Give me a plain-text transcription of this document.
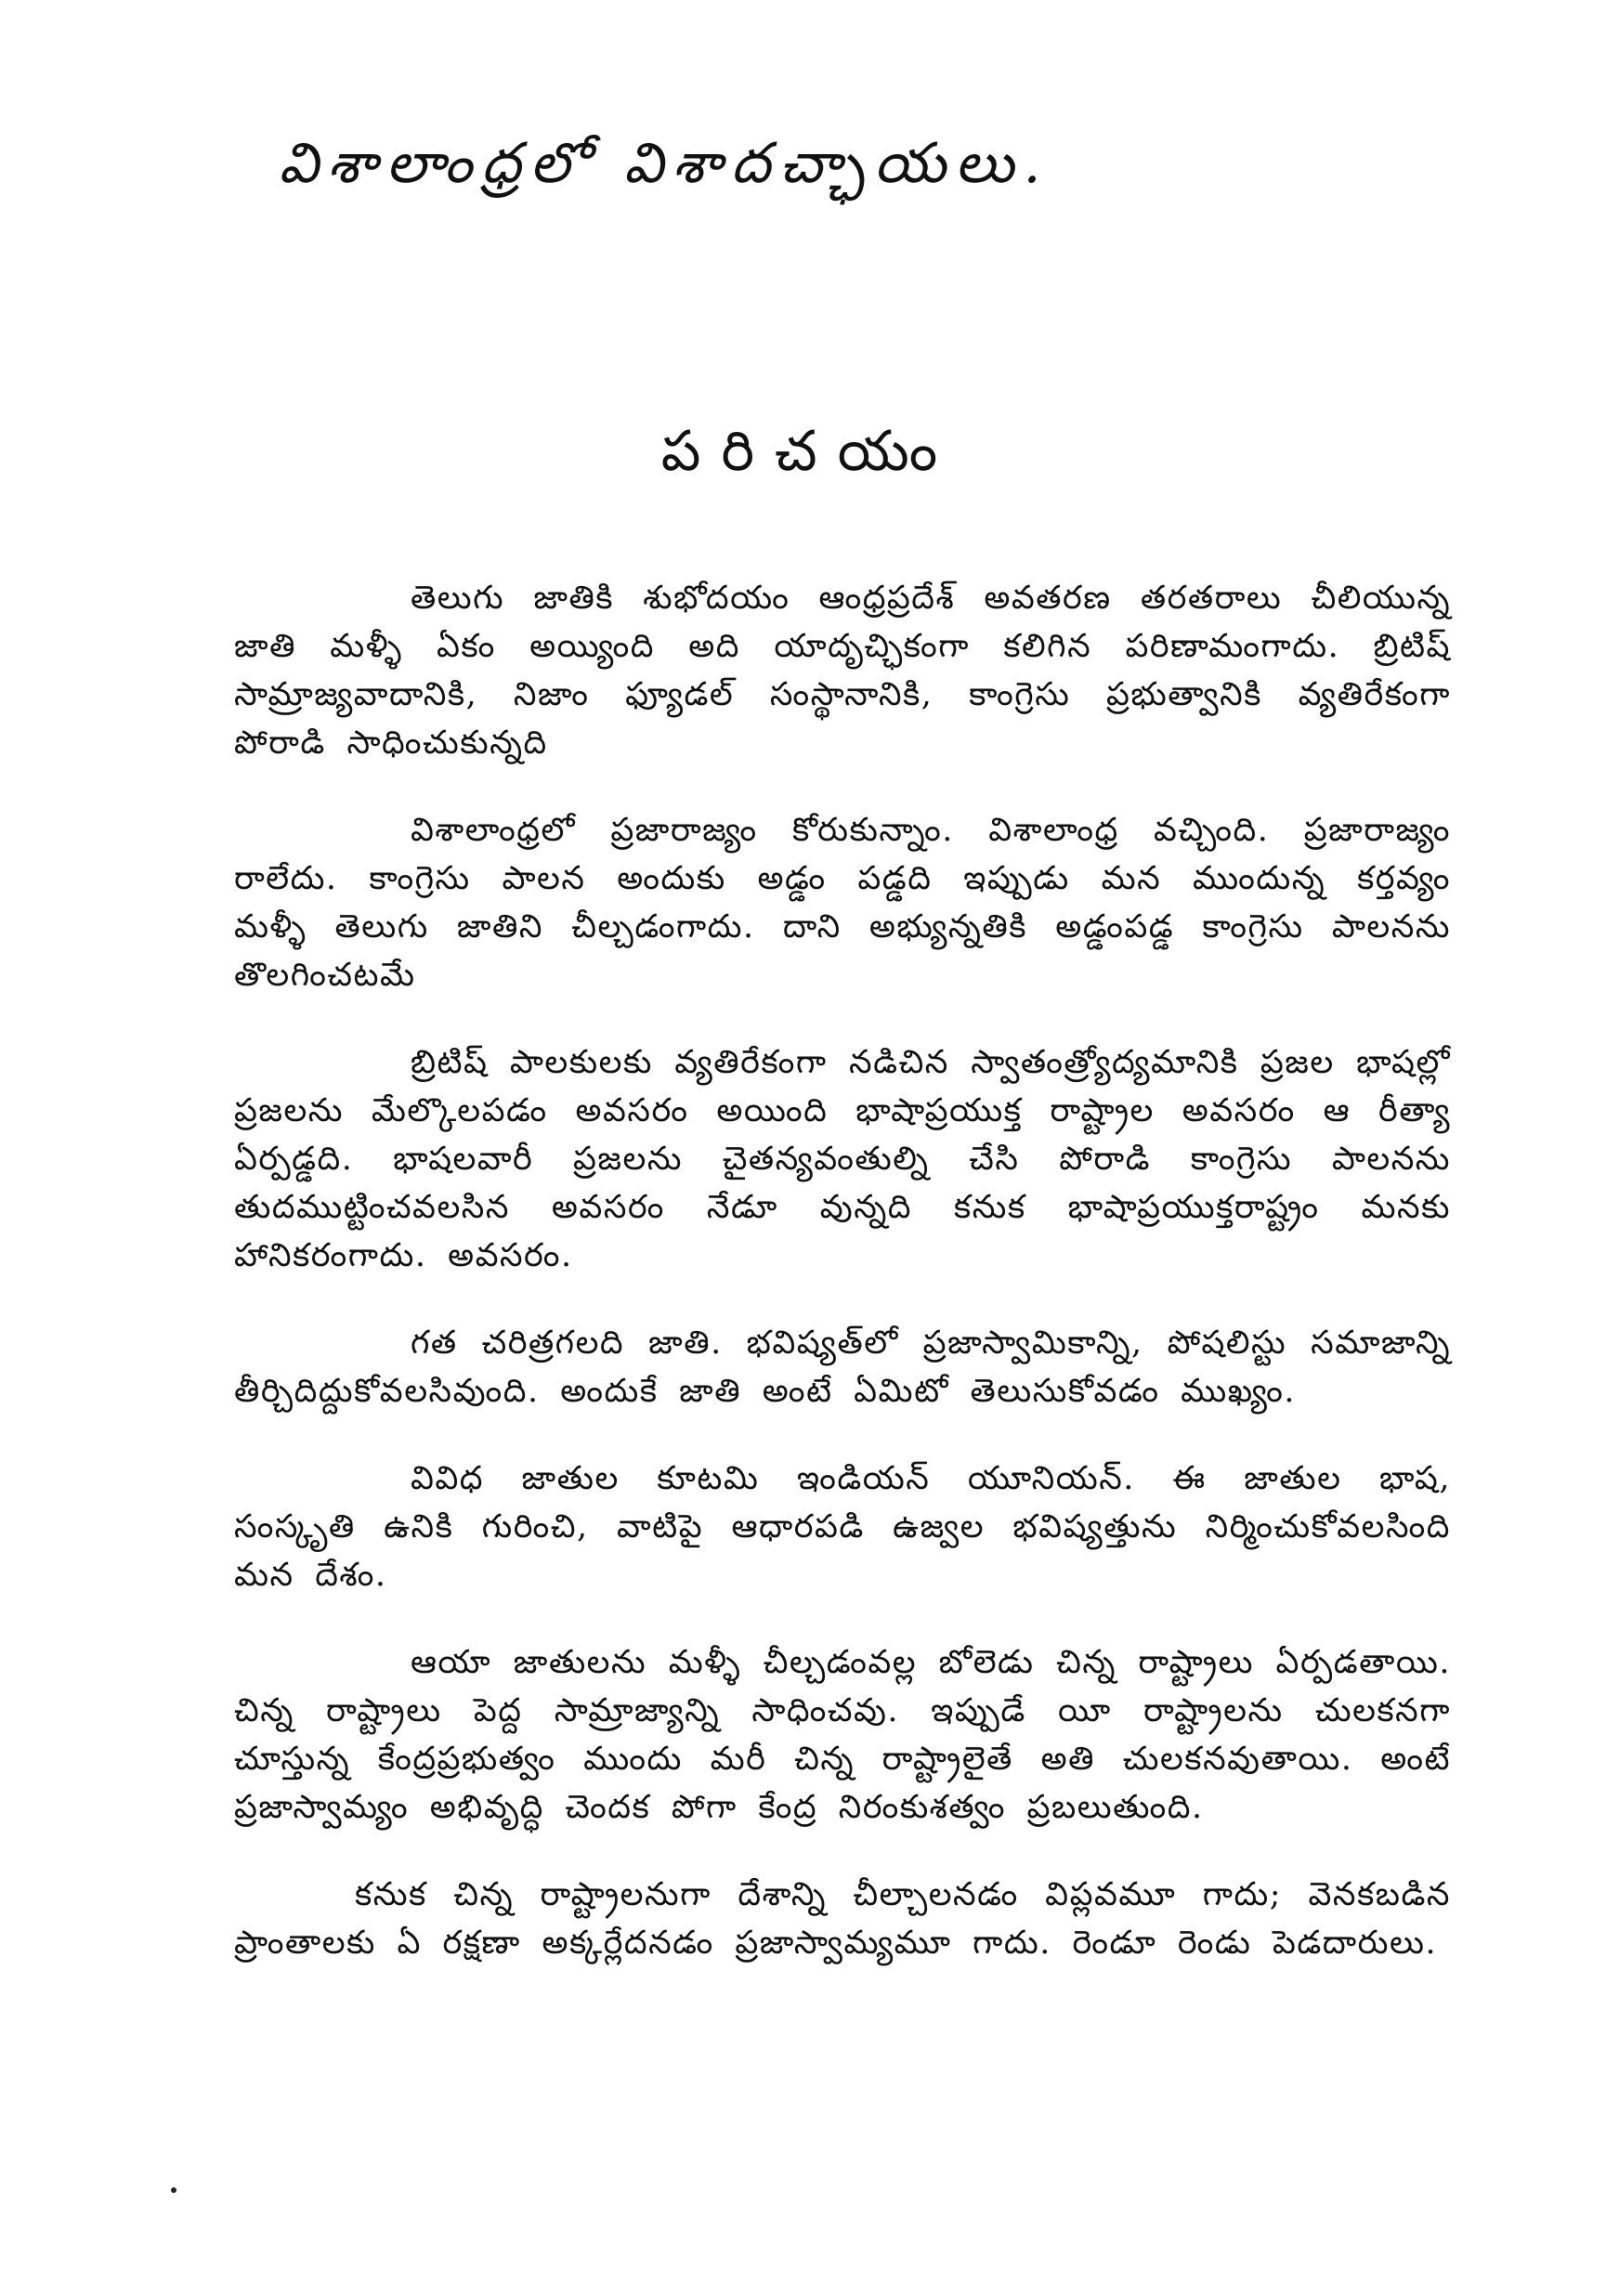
విశాలాంధ్రలో విశాదచ్ఛాయలు.
పరిచయం

తెలుగు జాతికి శుభోదయం ఆంధ్రప్రదేశ్ అవతరణ తరతరాలు చీలియున్న జాతి మళ్ళీ ఏకం అయ్యింది అది యాదృచ్ఛికంగా కలిగిన పరిణామంగాదు. బ్రిటిష్ సామ్రాజ్యవాదానికి, నిజాం ఫ్యూడల్ సంస్థానానికి, కాంగ్రెసు ప్రభుత్వానికి వ్యతిరేకంగా పోరాడి సాధించుకున్నది

విశాలాంధ్రలో ప్రజారాజ్యం కోరుకున్నాం. విశాలాంధ్ర వచ్చింది. ప్రజారాజ్యం రాలేదు. కాంగ్రెసు పాలన అందుకు అడ్డం పడ్డది ఇప్పుడు మన ముందున్న కర్తవ్యం మళ్ళీ తెలుగు జాతిని చీల్చడంగాదు. దాని అభ్యున్నతికి అడ్డంపడ్డ కాంగ్రెసు పాలనను తొలగించటమే

బ్రిటిష్ పాలకులకు వ్యతిరేకంగా నడిచిన స్వాతంత్ర్యోద్యమానికి ప్రజల భాషల్లో ప్రజలను మేల్కొలపడం అవసరం అయింది భాషాప్రయుక్త రాష్ట్రాల అవసరం ఆ రీత్యా ఏర్పడ్డది. భాషలవారీ ప్రజలను చైతన్యవంతుల్ని చేసి పోరాడి కాంగ్రెసు పాలనను తుదముట్టించవలసిన అవసరం నేడూ వున్నది కనుక భాషాప్రయుక్తరాష్ట్రం మనకు హానికరంగాదు. అవసరం.

గత చరిత్రగలది జాతి. భవిష్యత్‌లో ప్రజాస్వామికాన్ని, పోషలిస్టు సమాజాన్ని తీర్చిదిద్దుకోవలసివుంది. అందుకే జాతి అంటే ఏమిటో తెలుసుకోవడం ముఖ్యం.

వివిధ జాతుల కూటమి ఇండియన్ యూనియన్. ఈ జాతుల భాష, సంస్కృతి ఉనికి గురించి, వాటిపై ఆధారపడి ఉజ్వల భవిష్యత్తును నిర్మించుకోవలసింది మన దేశం.

ఆయా జాతులను మళ్ళీ చీల్చడంవల్ల బోలెడు చిన్న రాష్ట్రాలు ఏర్పడతాయి. చిన్న రాష్ట్రాలు పెద్ద సామ్రాజ్యాన్ని సాధించవు. ఇప్పుడే యీ రాష్ట్రాలను చులకనగా చూస్తున్న కేంద్రప్రభుత్వం ముందు మరీ చిన్న రాష్ట్రాలైతే అతి చులకనవుతాయి. అంటే ప్రజాస్వామ్యం అభివృద్ధి చెందక పోగా కేంద్ర నిరంకుశత్వం ప్రబలుతుంది.

కనుక చిన్న రాష్ట్రాలనుగా దేశాన్ని చీల్చాలనడం విప్లవమూ గాదు; వెనకబడిన ప్రాంతాలకు ఏ రక్షణా అక్కర్లేదనడం ప్రజాస్వామ్యమూ గాదు. రెండూ రెండు పెడదారులు.
